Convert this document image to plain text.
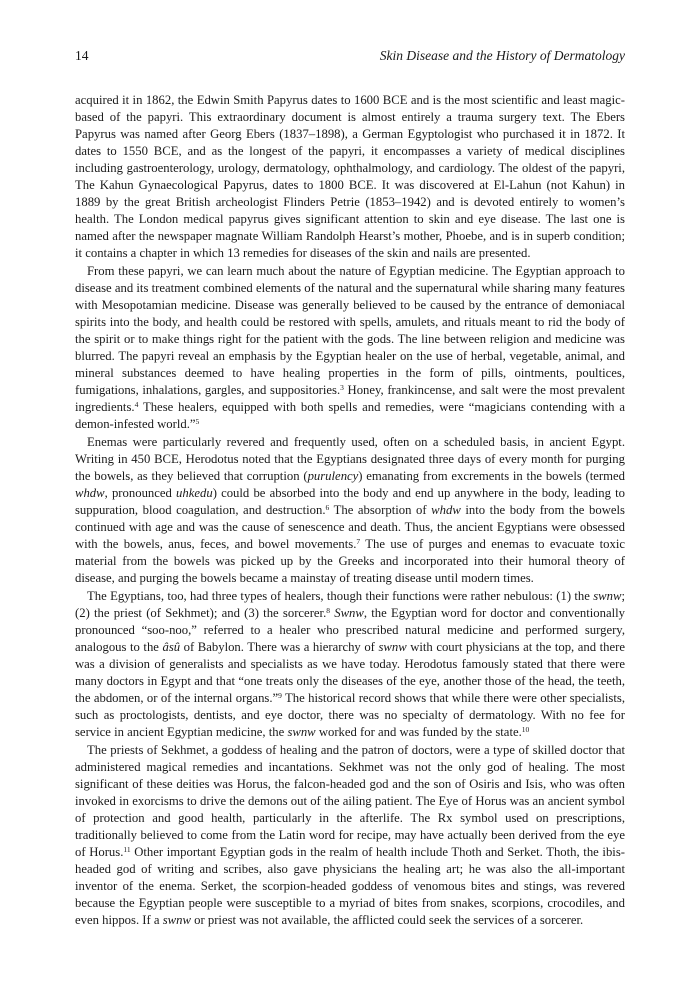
14	Skin Disease and the History of Dermatology

acquired it in 1862, the Edwin Smith Papyrus dates to 1600 BCE and is the most scientific and least magic-based of the papyri. This extraordinary document is almost entirely a trauma surgery text. The Ebers Papyrus was named after Georg Ebers (1837–1898), a German Egyptologist who purchased it in 1872. It dates to 1550 BCE, and as the longest of the papyri, it encompasses a variety of medical disciplines including gastroenterology, urology, dermatology, ophthalmology, and cardiology. The oldest of the papyri, The Kahun Gynaecological Papyrus, dates to 1800 BCE. It was discovered at El-Lahun (not Kahun) in 1889 by the great British archeologist Flinders Petrie (1853–1942) and is devoted entirely to women’s health. The London medical papyrus gives significant attention to skin and eye disease. The last one is named after the newspaper magnate William Randolph Hearst’s mother, Phoebe, and is in superb condition; it contains a chapter in which 13 remedies for diseases of the skin and nails are presented.

From these papyri, we can learn much about the nature of Egyptian medicine. The Egyptian approach to disease and its treatment combined elements of the natural and the supernatural while sharing many features with Mesopotamian medicine. Disease was generally believed to be caused by the entrance of demoniacal spirits into the body, and health could be restored with spells, amulets, and rituals meant to rid the body of the spirit or to make things right for the patient with the gods. The line between religion and medicine was blurred. The papyri reveal an emphasis by the Egyptian healer on the use of herbal, vegetable, animal, and mineral substances deemed to have healing properties in the form of pills, ointments, poultices, fumigations, inhalations, gargles, and suppositories.$^3$ Honey, frankincense, and salt were the most prevalent ingredients.$^4$ These healers, equipped with both spells and remedies, were “magicians contending with a demon-infested world.”$^5$

Enemas were particularly revered and frequently used, often on a scheduled basis, in ancient Egypt. Writing in 450 BCE, Herodotus noted that the Egyptians designated three days of every month for purging the bowels, as they believed that corruption (purulency) emanating from excrements in the bowels (termed whdw, pronounced uhkedu) could be absorbed into the body and end up anywhere in the body, leading to suppuration, blood coagulation, and destruction.$^6$ The absorption of whdw into the body from the bowels continued with age and was the cause of senescence and death. Thus, the ancient Egyptians were obsessed with the bowels, anus, feces, and bowel movements.$^7$ The use of purges and enemas to evacuate toxic material from the bowels was picked up by the Greeks and incorporated into their humoral theory of disease, and purging the bowels became a mainstay of treating disease until modern times.

The Egyptians, too, had three types of healers, though their functions were rather nebulous: (1) the swnw; (2) the priest (of Sekhmet); and (3) the sorcerer.$^8$ Swnw, the Egyptian word for doctor and conventionally pronounced “soo-noo,” referred to a healer who prescribed natural medicine and performed surgery, analogous to the âsû of Babylon. There was a hierarchy of swnw with court physicians at the top, and there was a division of generalists and specialists as we have today. Herodotus famously stated that there were many doctors in Egypt and that “one treats only the diseases of the eye, another those of the head, the teeth, the abdomen, or of the internal organs.”$^9$ The historical record shows that while there were other specialists, such as proctologists, dentists, and eye doctor, there was no specialty of dermatology. With no fee for service in ancient Egyptian medicine, the swnw worked for and was funded by the state.$^{10}$

The priests of Sekhmet, a goddess of healing and the patron of doctors, were a type of skilled doctor that administered magical remedies and incantations. Sekhmet was not the only god of healing. The most significant of these deities was Horus, the falcon-headed god and the son of Osiris and Isis, who was often invoked in exorcisms to drive the demons out of the ailing patient. The Eye of Horus was an ancient symbol of protection and good health, particularly in the afterlife. The Rx symbol used on prescriptions, traditionally believed to come from the Latin word for recipe, may have actually been derived from the eye of Horus.$^{11}$ Other important Egyptian gods in the realm of health include Thoth and Serket. Thoth, the ibis-headed god of writing and scribes, also gave physicians the healing art; he was also the all-important inventor of the enema. Serket, the scorpion-headed goddess of venomous bites and stings, was revered because the Egyptian people were susceptible to a myriad of bites from snakes, scorpions, crocodiles, and even hippos. If a swnw or priest was not available, the afflicted could seek the services of a sorcerer.
